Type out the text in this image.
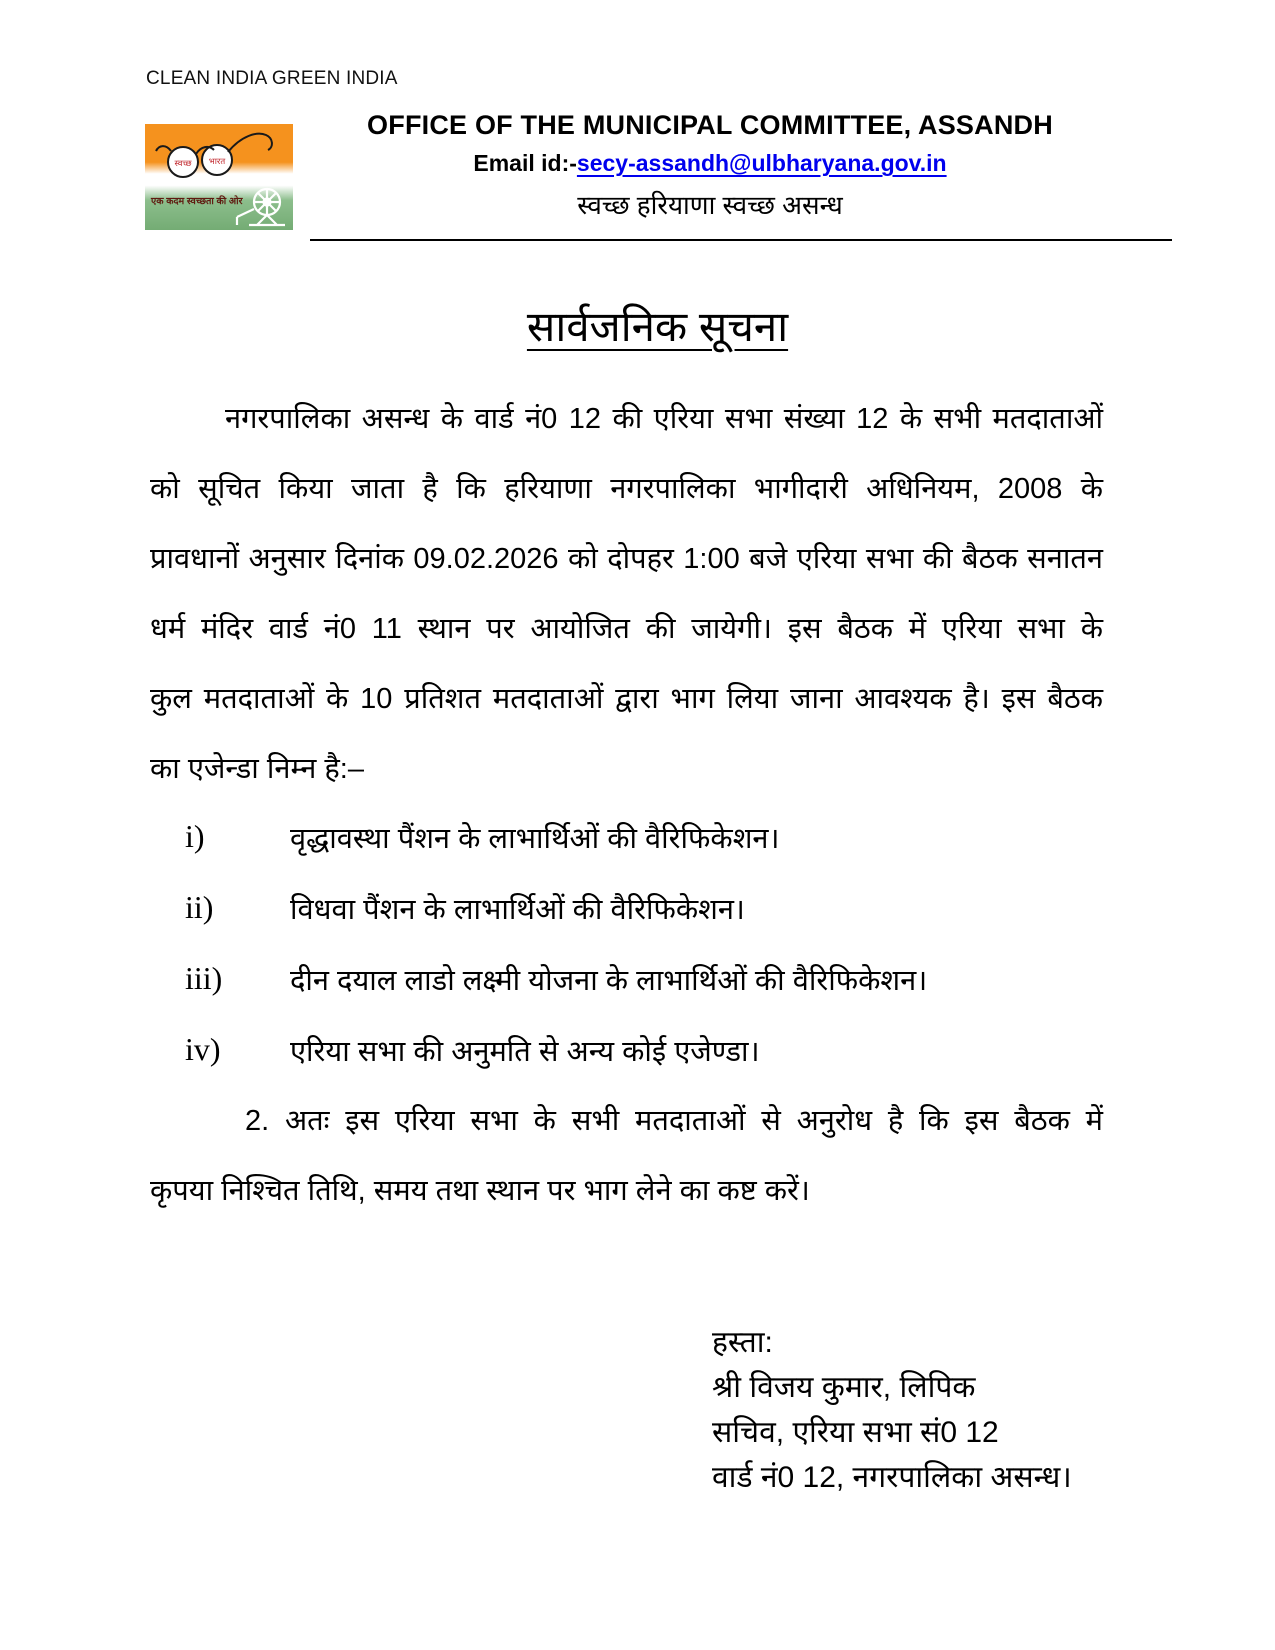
CLEAN INDIA GREEN INDIA
स्वच्छ भारत
एक कदम स्वच्छता की ओर
OFFICE OF THE MUNICIPAL COMMITTEE, ASSANDH
Email id:-secy-assandh@ulbharyana.gov.in
स्वच्छ हरियाणा स्वच्छ असन्ध
सार्वजनिक सूचना
नगरपालिका असन्ध के वार्ड नं0 12 की एरिया सभा संख्या 12 के सभी मतदाताओं
को सूचित किया जाता है कि हरियाणा नगरपालिका भागीदारी अधिनियम, 2008 के
प्रावधानों अनुसार दिनांक 09.02.2026 को दोपहर 1:00 बजे एरिया सभा की बैठक सनातन
धर्म मंदिर वार्ड नं0 11 स्थान पर आयोजित की जायेगी। इस बैठक में एरिया सभा के
कुल मतदाताओं के 10 प्रतिशत मतदाताओं द्वारा भाग लिया जाना आवश्यक है। इस बैठक
का एजेन्डा निम्न है:–
i)	वृद्धावस्था पैंशन के लाभार्थिओं की वैरिफिकेशन।
ii)	विधवा पैंशन के लाभार्थिओं की वैरिफिकेशन।
iii) दीन दयाल लाडो लक्ष्मी योजना के लाभार्थिओं की वैरिफिकेशन।
iv) एरिया सभा की अनुमति से अन्य कोई एजेण्डा।
2. अतः इस एरिया सभा के सभी मतदाताओं से अनुरोध है कि इस बैठक में
कृपया निश्चित तिथि, समय तथा स्थान पर भाग लेने का कष्ट करें।
हस्ता:
श्री विजय कुमार, लिपिक
सचिव, एरिया सभा सं0 12
वार्ड नं0 12, नगरपालिका असन्ध।
